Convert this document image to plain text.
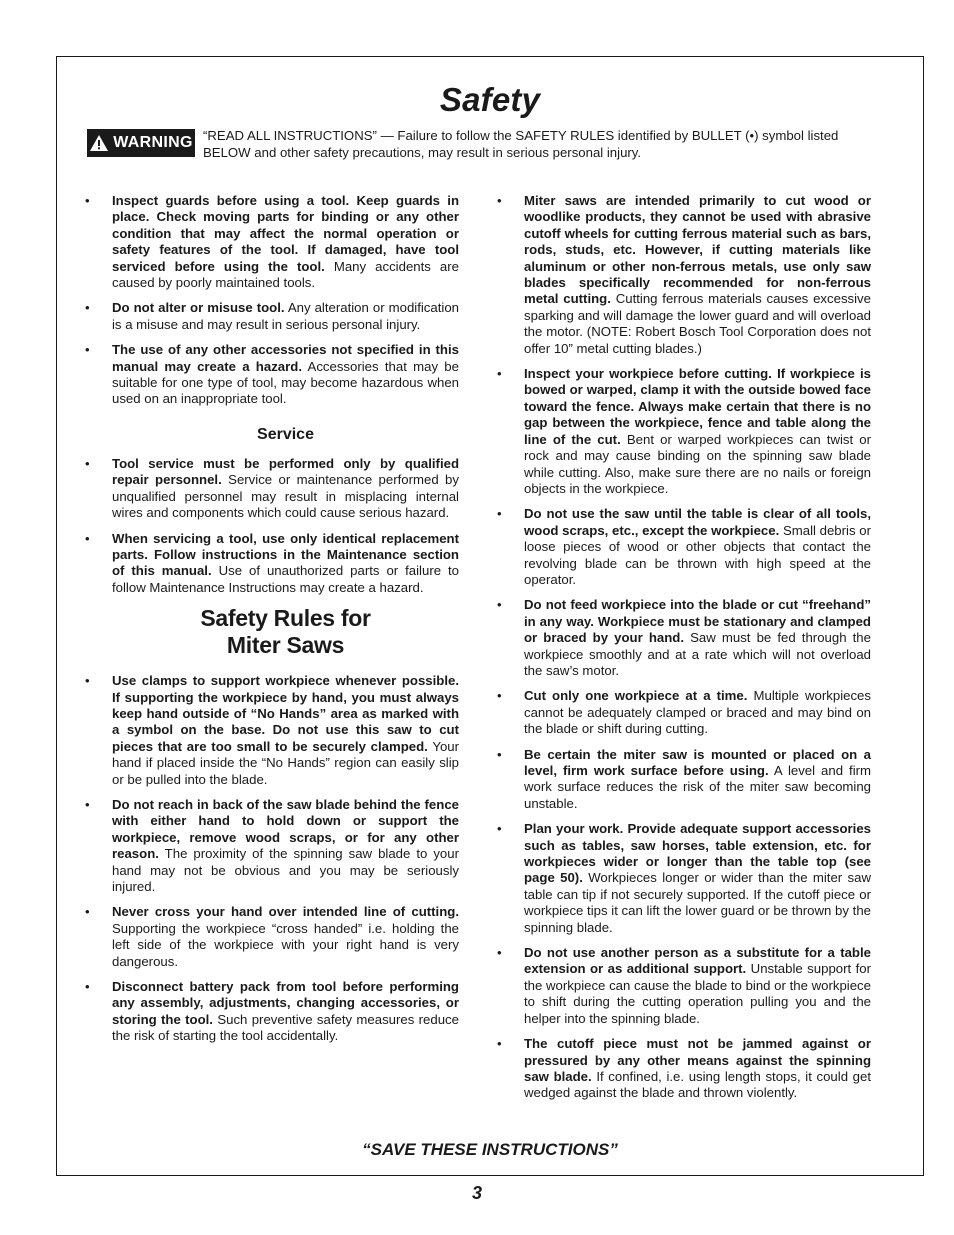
Safety
WARNING “READ ALL INSTRUCTIONS” — Failure to follow the SAFETY RULES identified by BULLET (•) symbol listed BELOW and other safety precautions, may result in serious personal injury.
• Inspect guards before using a tool. Keep guards in place. Check moving parts for binding or any other condition that may affect the normal operation or safety features of the tool. If damaged, have tool serviced before using the tool. Many accidents are caused by poorly maintained tools.
• Do not alter or misuse tool. Any alteration or modification is a misuse and may result in serious personal injury.
• The use of any other accessories not specified in this manual may create a hazard. Accessories that may be suitable for one type of tool, may become hazardous when used on an inappropriate tool.
Service
• Tool service must be performed only by qualified repair personnel. Service or maintenance performed by unqualified personnel may result in misplacing internal wires and components which could cause serious hazard.
• When servicing a tool, use only identical replacement parts. Follow instructions in the Maintenance section of this manual. Use of unauthorized parts or failure to follow Maintenance Instructions may create a hazard.
Safety Rules for
Miter Saws
• Use clamps to support workpiece whenever possible. If supporting the workpiece by hand, you must always keep hand outside of “No Hands” area as marked with a symbol on the base. Do not use this saw to cut pieces that are too small to be securely clamped. Your hand if placed inside the “No Hands” region can easily slip or be pulled into the blade.
• Do not reach in back of the saw blade behind the fence with either hand to hold down or support the workpiece, remove wood scraps, or for any other reason. The proximity of the spinning saw blade to your hand may not be obvious and you may be seriously injured.
• Never cross your hand over intended line of cutting. Supporting the workpiece “cross handed” i.e. holding the left side of the workpiece with your right hand is very dangerous.
• Disconnect battery pack from tool before performing any assembly, adjustments, changing accessories, or storing the tool. Such preventive safety measures reduce the risk of starting the tool accidentally.
• Miter saws are intended primarily to cut wood or woodlike products, they cannot be used with abrasive cutoff wheels for cutting ferrous material such as bars, rods, studs, etc. However, if cutting materials like aluminum or other non-ferrous metals, use only saw blades specifically recommended for non-ferrous metal cutting. Cutting ferrous materials causes excessive sparking and will damage the lower guard and will overload the motor. (NOTE: Robert Bosch Tool Corporation does not offer 10” metal cutting blades.)
• Inspect your workpiece before cutting. If workpiece is bowed or warped, clamp it with the outside bowed face toward the fence. Always make certain that there is no gap between the workpiece, fence and table along the line of the cut. Bent or warped workpieces can twist or rock and may cause binding on the spinning saw blade while cutting. Also, make sure there are no nails or foreign objects in the workpiece.
• Do not use the saw until the table is clear of all tools, wood scraps, etc., except the workpiece. Small debris or loose pieces of wood or other objects that contact the revolving blade can be thrown with high speed at the operator.
• Do not feed workpiece into the blade or cut “freehand” in any way. Workpiece must be stationary and clamped or braced by your hand. Saw must be fed through the workpiece smoothly and at a rate which will not overload the saw’s motor.
• Cut only one workpiece at a time. Multiple workpieces cannot be adequately clamped or braced and may bind on the blade or shift during cutting.
• Be certain the miter saw is mounted or placed on a level, firm work surface before using. A level and firm work surface reduces the risk of the miter saw becoming unstable.
• Plan your work. Provide adequate support accessories such as tables, saw horses, table extension, etc. for workpieces wider or longer than the table top (see page 50). Workpieces longer or wider than the miter saw table can tip if not securely supported. If the cutoff piece or workpiece tips it can lift the lower guard or be thrown by the spinning blade.
• Do not use another person as a substitute for a table extension or as additional support. Unstable support for the workpiece can cause the blade to bind or the workpiece to shift during the cutting operation pulling you and the helper into the spinning blade.
• The cutoff piece must not be jammed against or pressured by any other means against the spinning saw blade. If confined, i.e. using length stops, it could get wedged against the blade and thrown violently.
“SAVE THESE INSTRUCTIONS”
3
